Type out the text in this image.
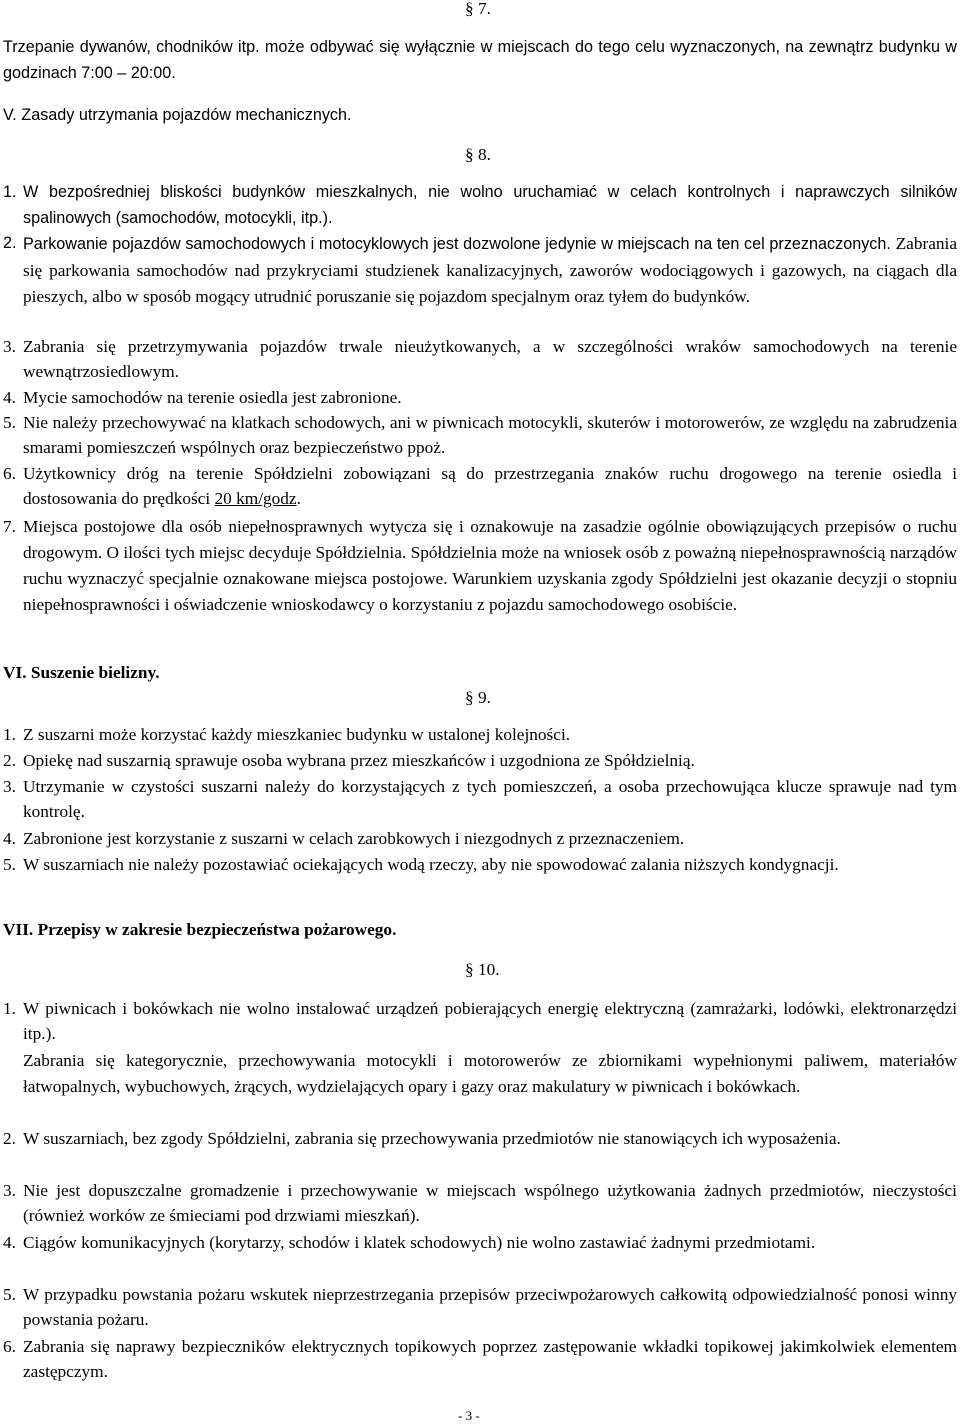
§ 7.

Trzepanie dywanów, chodników itp. może odbywać się wyłącznie w miejscach do tego celu wyznaczonych, na zewnątrz budynku w godzinach 7:00 – 20:00.

V. Zasady utrzymania pojazdów mechanicznych.

§ 8.

1. W bezpośredniej bliskości budynków mieszkalnych, nie wolno uruchamiać w celach kontrolnych i naprawczych silników spalinowych (samochodów, motocykli, itp.).
2. Parkowanie pojazdów samochodowych i motocyklowych jest dozwolone jedynie w miejscach na ten cel przeznaczonych. Zabrania się parkowania samochodów nad przykryciami studzienek kanalizacyjnych, zaworów wodociągowych i gazowych, na ciągach dla pieszych, albo w sposób mogący utrudnić poruszanie się pojazdom specjalnym oraz tyłem do budynków.
3. Zabrania się przetrzymywania pojazdów trwale nieużytkowanych, a w szczególności wraków samochodowych na terenie wewnątrzosiedlowym.
4. Mycie samochodów na terenie osiedla jest zabronione.
5. Nie należy przechowywać na klatkach schodowych, ani w piwnicach motocykli, skuterów i motorowerów, ze względu na zabrudzenia smarami pomieszczeń wspólnych oraz bezpieczeństwo ppoż.
6. Użytkownicy dróg na terenie Spółdzielni zobowiązani są do przestrzegania znaków ruchu drogowego na terenie osiedla i dostosowania do prędkości 20 km/godz.
7. Miejsca postojowe dla osób niepełnosprawnych wytycza się i oznakowuje na zasadzie ogólnie obowiązujących przepisów o ruchu drogowym. O ilości tych miejsc decyduje Spółdzielnia. Spółdzielnia może na wniosek osób z poważną niepełnosprawnością narządów ruchu wyznaczyć specjalnie oznakowane miejsca postojowe. Warunkiem uzyskania zgody Spółdzielni jest okazanie decyzji o stopniu niepełnosprawności i oświadczenie wnioskodawcy o korzystaniu z pojazdu samochodowego osobiście.

VI. Suszenie bielizny.

§ 9.

1. Z suszarni może korzystać każdy mieszkaniec budynku w ustalonej kolejności.
2. Opiekę nad suszarnią sprawuje osoba wybrana przez mieszkańców i uzgodniona ze Spółdzielnią.
3. Utrzymanie w czystości suszarni należy do korzystających z tych pomieszczeń, a osoba przechowująca klucze sprawuje nad tym kontrolę.
4. Zabronione jest korzystanie z suszarni w celach zarobkowych i niezgodnych z przeznaczeniem.
5. W suszarniach nie należy pozostawiać ociekających wodą rzeczy, aby nie spowodować zalania niższych kondygnacji.

VII. Przepisy w zakresie bezpieczeństwa pożarowego.

§ 10.

1. W piwnicach i bokówkach nie wolno instalować urządzeń pobierających energię elektryczną (zamrażarki, lodówki, elektronarzędzi itp.).
Zabrania się kategorycznie, przechowywania motocykli i motorowerów ze zbiornikami wypełnionymi paliwem, materiałów łatwopalnych, wybuchowych, żrących, wydzielających opary i gazy oraz makulatury w piwnicach i bokówkach.
2. W suszarniach, bez zgody Spółdzielni, zabrania się przechowywania przedmiotów nie stanowiących ich wyposażenia.
3. Nie jest dopuszczalne gromadzenie i przechowywanie w miejscach wspólnego użytkowania żadnych przedmiotów, nieczystości (również worków ze śmieciami pod drzwiami mieszkań).
4. Ciągów komunikacyjnych (korytarzy, schodów i klatek schodowych) nie wolno zastawiać żadnymi przedmiotami.
5. W przypadku powstania pożaru wskutek nieprzestrzegania przepisów przeciwpożarowych całkowitą odpowiedzialność ponosi winny powstania pożaru.
6. Zabrania się naprawy bezpieczników elektrycznych topikowych poprzez zastępowanie wkładki topikowej jakimkolwiek elementem zastępczym.
- 3 -
